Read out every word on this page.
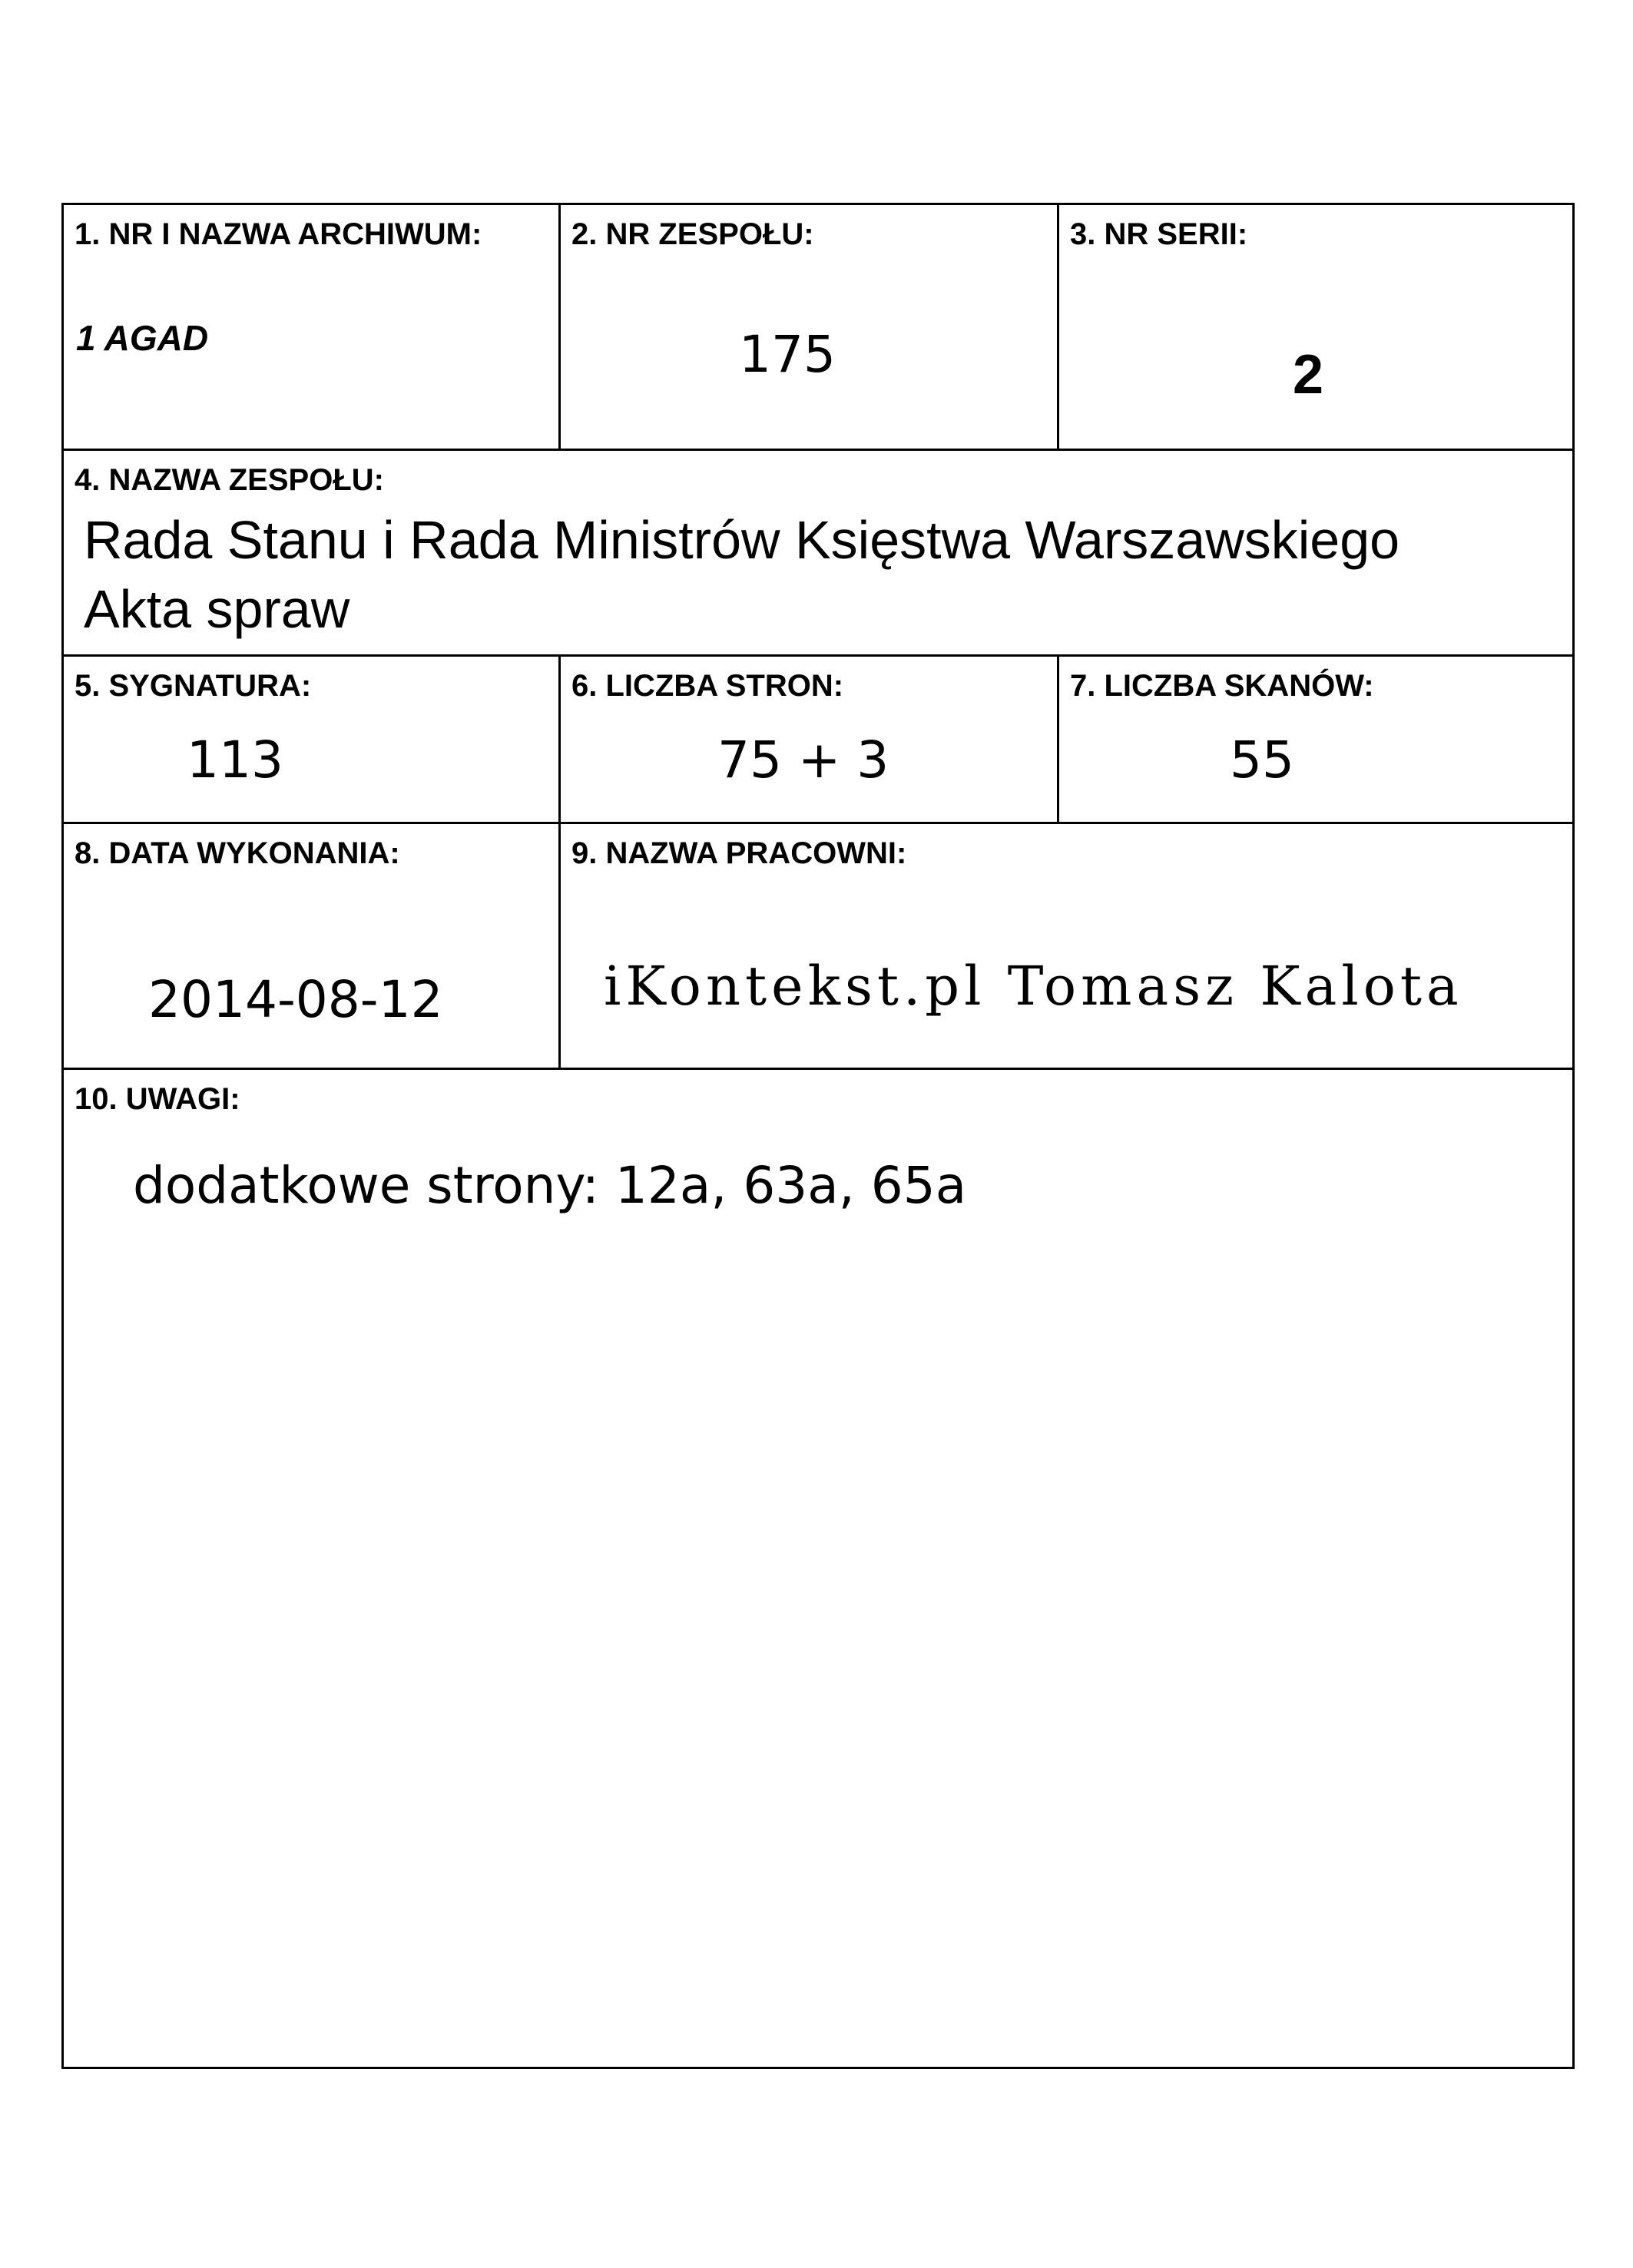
1. NR I NAZWA ARCHIWUM:
1 AGAD
2. NR ZESPOŁU:
175
3. NR SERII:
2
4. NAZWA ZESPOŁU:
Rada Stanu i Rada Ministrów Księstwa Warszawskiego
Akta spraw
5. SYGNATURA:
113
6. LICZBA STRON:
75 + 3
7. LICZBA SKANÓW:
55
8. DATA WYKONANIA:
2014-08-12
9. NAZWA PRACOWNI:
iKontekst.pl Tomasz Kalota
10. UWAGI:
dodatkowe strony: 12a, 63a, 65a
